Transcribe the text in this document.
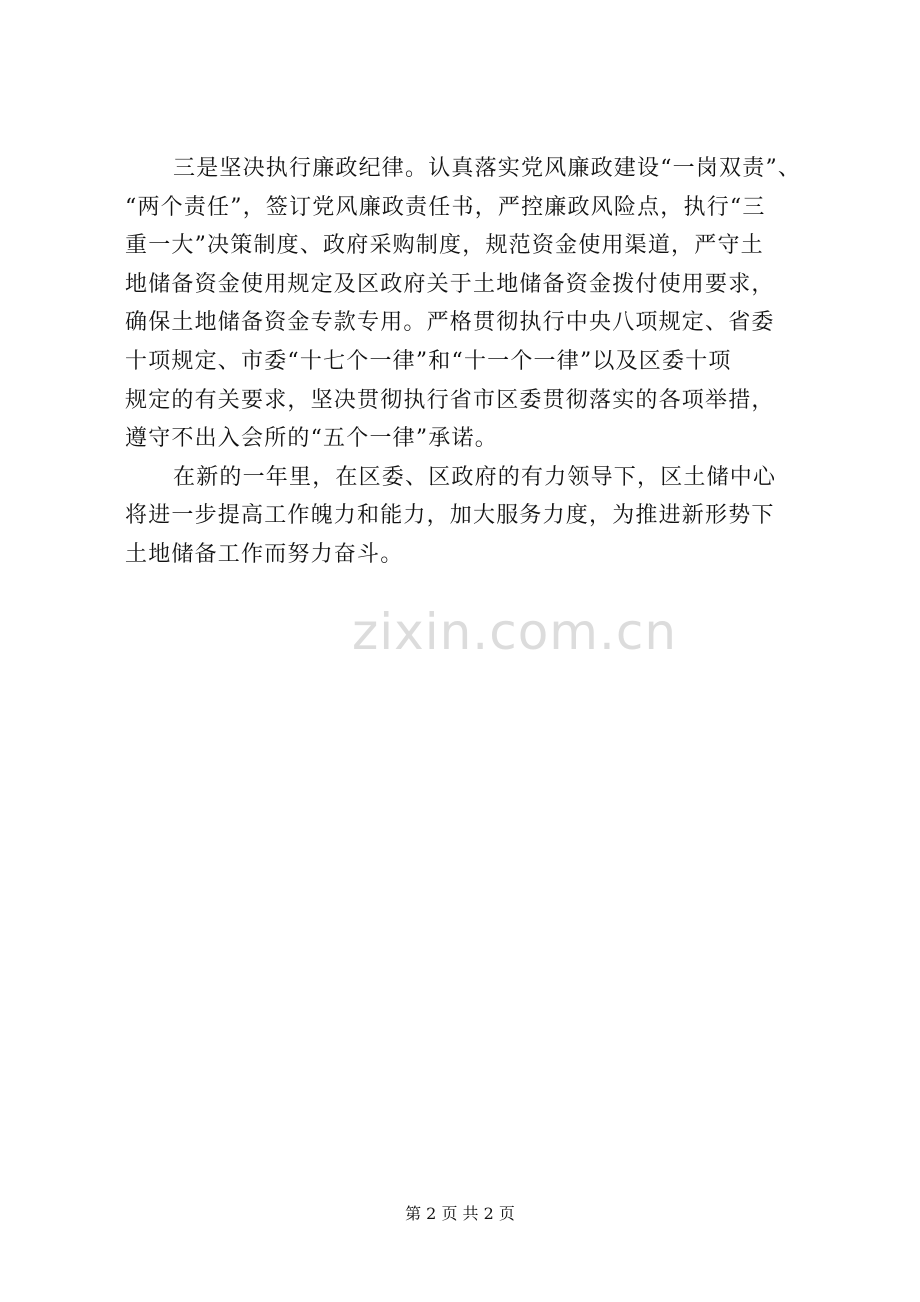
三是坚决执行廉政纪律。认真落实党风廉政建设“一岗双责”、
“两个责任”，签订党风廉政责任书，严控廉政风险点，执行“三
重一大”决策制度、政府采购制度，规范资金使用渠道，严守土
地储备资金使用规定及区政府关于土地储备资金拨付使用要求，
确保土地储备资金专款专用。严格贯彻执行中央八项规定、省委
十项规定、市委“十七个一律”和“十一个一律”以及区委十项
规定的有关要求，坚决贯彻执行省市区委贯彻落实的各项举措，
遵守不出入会所的“五个一律”承诺。
在新的一年里，在区委、区政府的有力领导下，区土储中心
将进一步提高工作魄力和能力，加大服务力度，为推进新形势下
土地储备工作而努力奋斗。
zixin.com.cn
第 2 页 共 2 页
